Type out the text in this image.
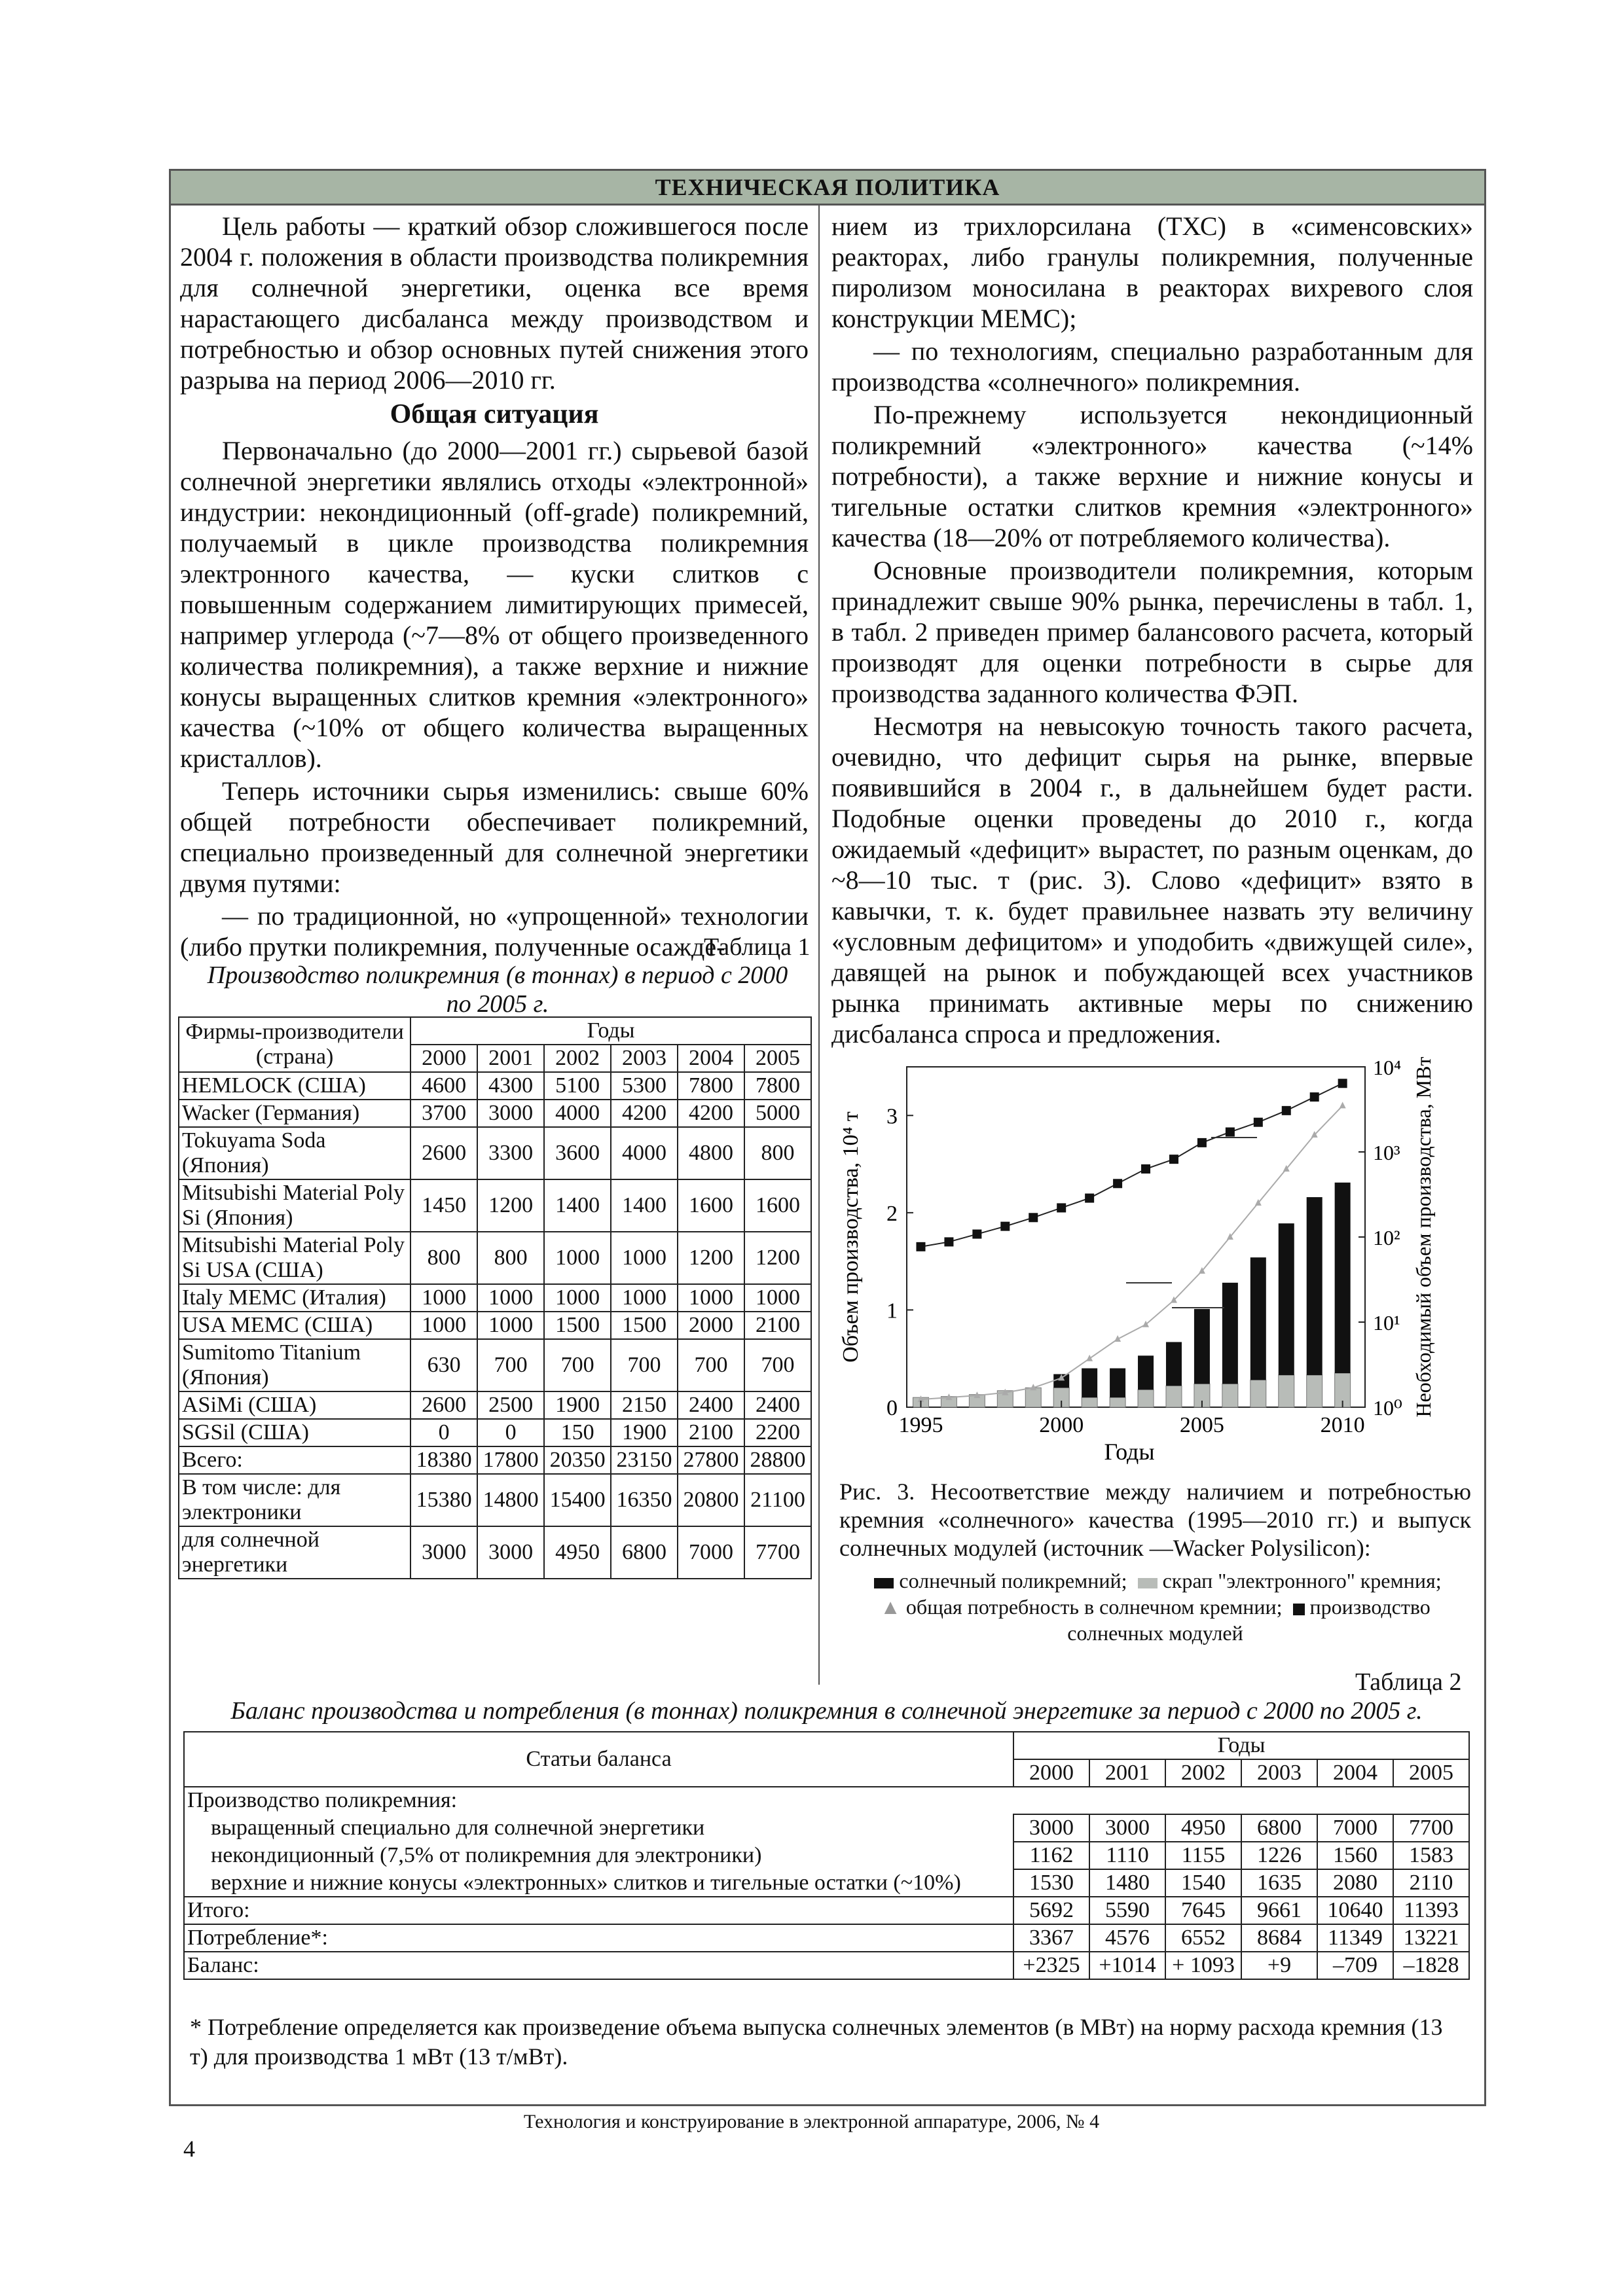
ТЕХНИЧЕСКАЯ ПОЛИТИКА

Цель работы — краткий обзор сложившегося после 2004 г. положения в области производства поликремния для солнечной энергетики, оценка все время нарастающего дисбаланса между производством и потребностью и обзор основных путей снижения этого разрыва на период 2006—2010 гг.

Общая ситуация

Первоначально (до 2000—2001 гг.) сырьевой базой солнечной энергетики являлись отходы «электронной» индустрии: некондиционный (off-grade) поликремний, получаемый в цикле производства поликремния электронного качества, — куски слитков с повышенным содержанием лимитирующих примесей, например углерода (~7—8% от общего произведенного количества поликремния), а также верхние и нижние конусы выращенных слитков кремния «электронного» качества (~10% от общего количества выращенных кристаллов).

Теперь источники сырья изменились: свыше 60% общей потребности обеспечивает поликремний, специально произведенный для солнечной энергетики двумя путями:

— по традиционной, но «упрощенной» технологии (либо прутки поликремния, полученные осажде-

Таблица 1
Производство поликремния (в тоннах) в период с 2000 по 2005 г.
Фирмы-производители (страна)	Годы					
	2000	2001	2002	2003	2004	2005
HEMLOCK (США)	4600	4300	5100	5300	7800	7800
Wacker (Германия)	3700	3000	4000	4200	4200	5000
Tokuyama Soda (Япония)	2600	3300	3600	4000	4800	800
Mitsubishi Material Poly Si (Япония)	1450	1200	1400	1400	1600	1600
Mitsubishi Material Poly Si USA (США)	800	800	1000	1000	1200	1200
Italy MEMC (Италия)	1000	1000	1000	1000	1000	1000
USA MEMC (США)	1000	1000	1500	1500	2000	2100
Sumitomo Titanium (Япония)	630	700	700	700	700	700
ASiMi (США)	2600	2500	1900	2150	2400	2400
SGSil (США)	0	0	150	1900	2100	2200
Всего:	18380	17800	20350	23150	27800	28800
В том числе: для электроники	15380	14800	15400	16350	20800	21100
для солнечной энергетики	3000	3000	4950	6800	7000	7700

нием из трихлорсилана (ТХС) в «сименсовских» реакторах, либо гранулы поликремния, полученные пиролизом моносилана в реакторах вихревого слоя конструкции МЕМС);

— по технологиям, специально разработанным для производства «солнечного» поликремния.

По-прежнему используется некондиционный поликремний «электронного» качества (~14% потребности), а также верхние и нижние конусы и тигельные остатки слитков кремния «электронного» качества (18—20% от потребляемого количества).

Основные производители поликремния, которым принадлежит свыше 90% рынка, перечислены в табл. 1, в табл. 2 приведен пример балансового расчета, который производят для оценки потребности в сырье для производства заданного количества ФЭП.

Несмотря на невысокую точность такого расчета, очевидно, что дефицит сырья на рынке, впервые появившийся в 2004 г., в дальнейшем будет расти. Подобные оценки проведены до 2010 г., когда ожидаемый «дефицит» вырастет, по разным оценкам, до ~8—10 тыс. т (рис. 3). Слово «дефицит» взято в кавычки, т. к. будет правильнее назвать эту величину «условным дефицитом» и уподобить «движущей силе», давящей на рынок и побуждающей всех участников рынка принимать активные меры по снижению дисбаланса спроса и предложения.

0
1
2
3
10⁰
10¹
10²
10³
10⁴
1995	2000	2005	2010
Годы
Объем производства, 10⁴ т	Необходимый объем производства, МВт
Рис. 3. Несоответствие между наличием и потребностью кремния «солнечного» качества (1995—2010 гг.) и выпуск солнечных модулей (источник —Wacker Polysilicon):
солнечный поликремний; скрап "электронного" кремния;
▲ общая потребность в солнечном кремнии; производство солнечных модулей
Таблица 2
Баланс производства и потребления (в тоннах) поликремния в солнечной энергетике за период с 2000 по 2005 г.
Статьи баланса	Годы					
	2000	2001	2002	2003	2004	2005
Производство поликремния:						
выращенный специально для солнечной энергетики	3000	3000	4950	6800	7000	7700
некондиционный (7,5% от поликремния для электроники)	1162	1110	1155	1226	1560	1583
верхние и нижние конусы «электронных» слитков и тигельные остатки (~10%)	1530	1480	1540	1635	2080	2110
Итого:	5692	5590	7645	9661	10640	11393
Потребление*:	3367	4576	6552	8684	11349	13221
Баланс:	+2325	+1014	+ 1093	+9	–709	–1828
* Потребление определяется как произведение объема выпуска солнечных элементов (в МВт) на норму расхода кремния (13 т) для производства 1 мВт (13 т/мВт).
Технология и конструирование в электронной аппаратуре, 2006, № 4
4
